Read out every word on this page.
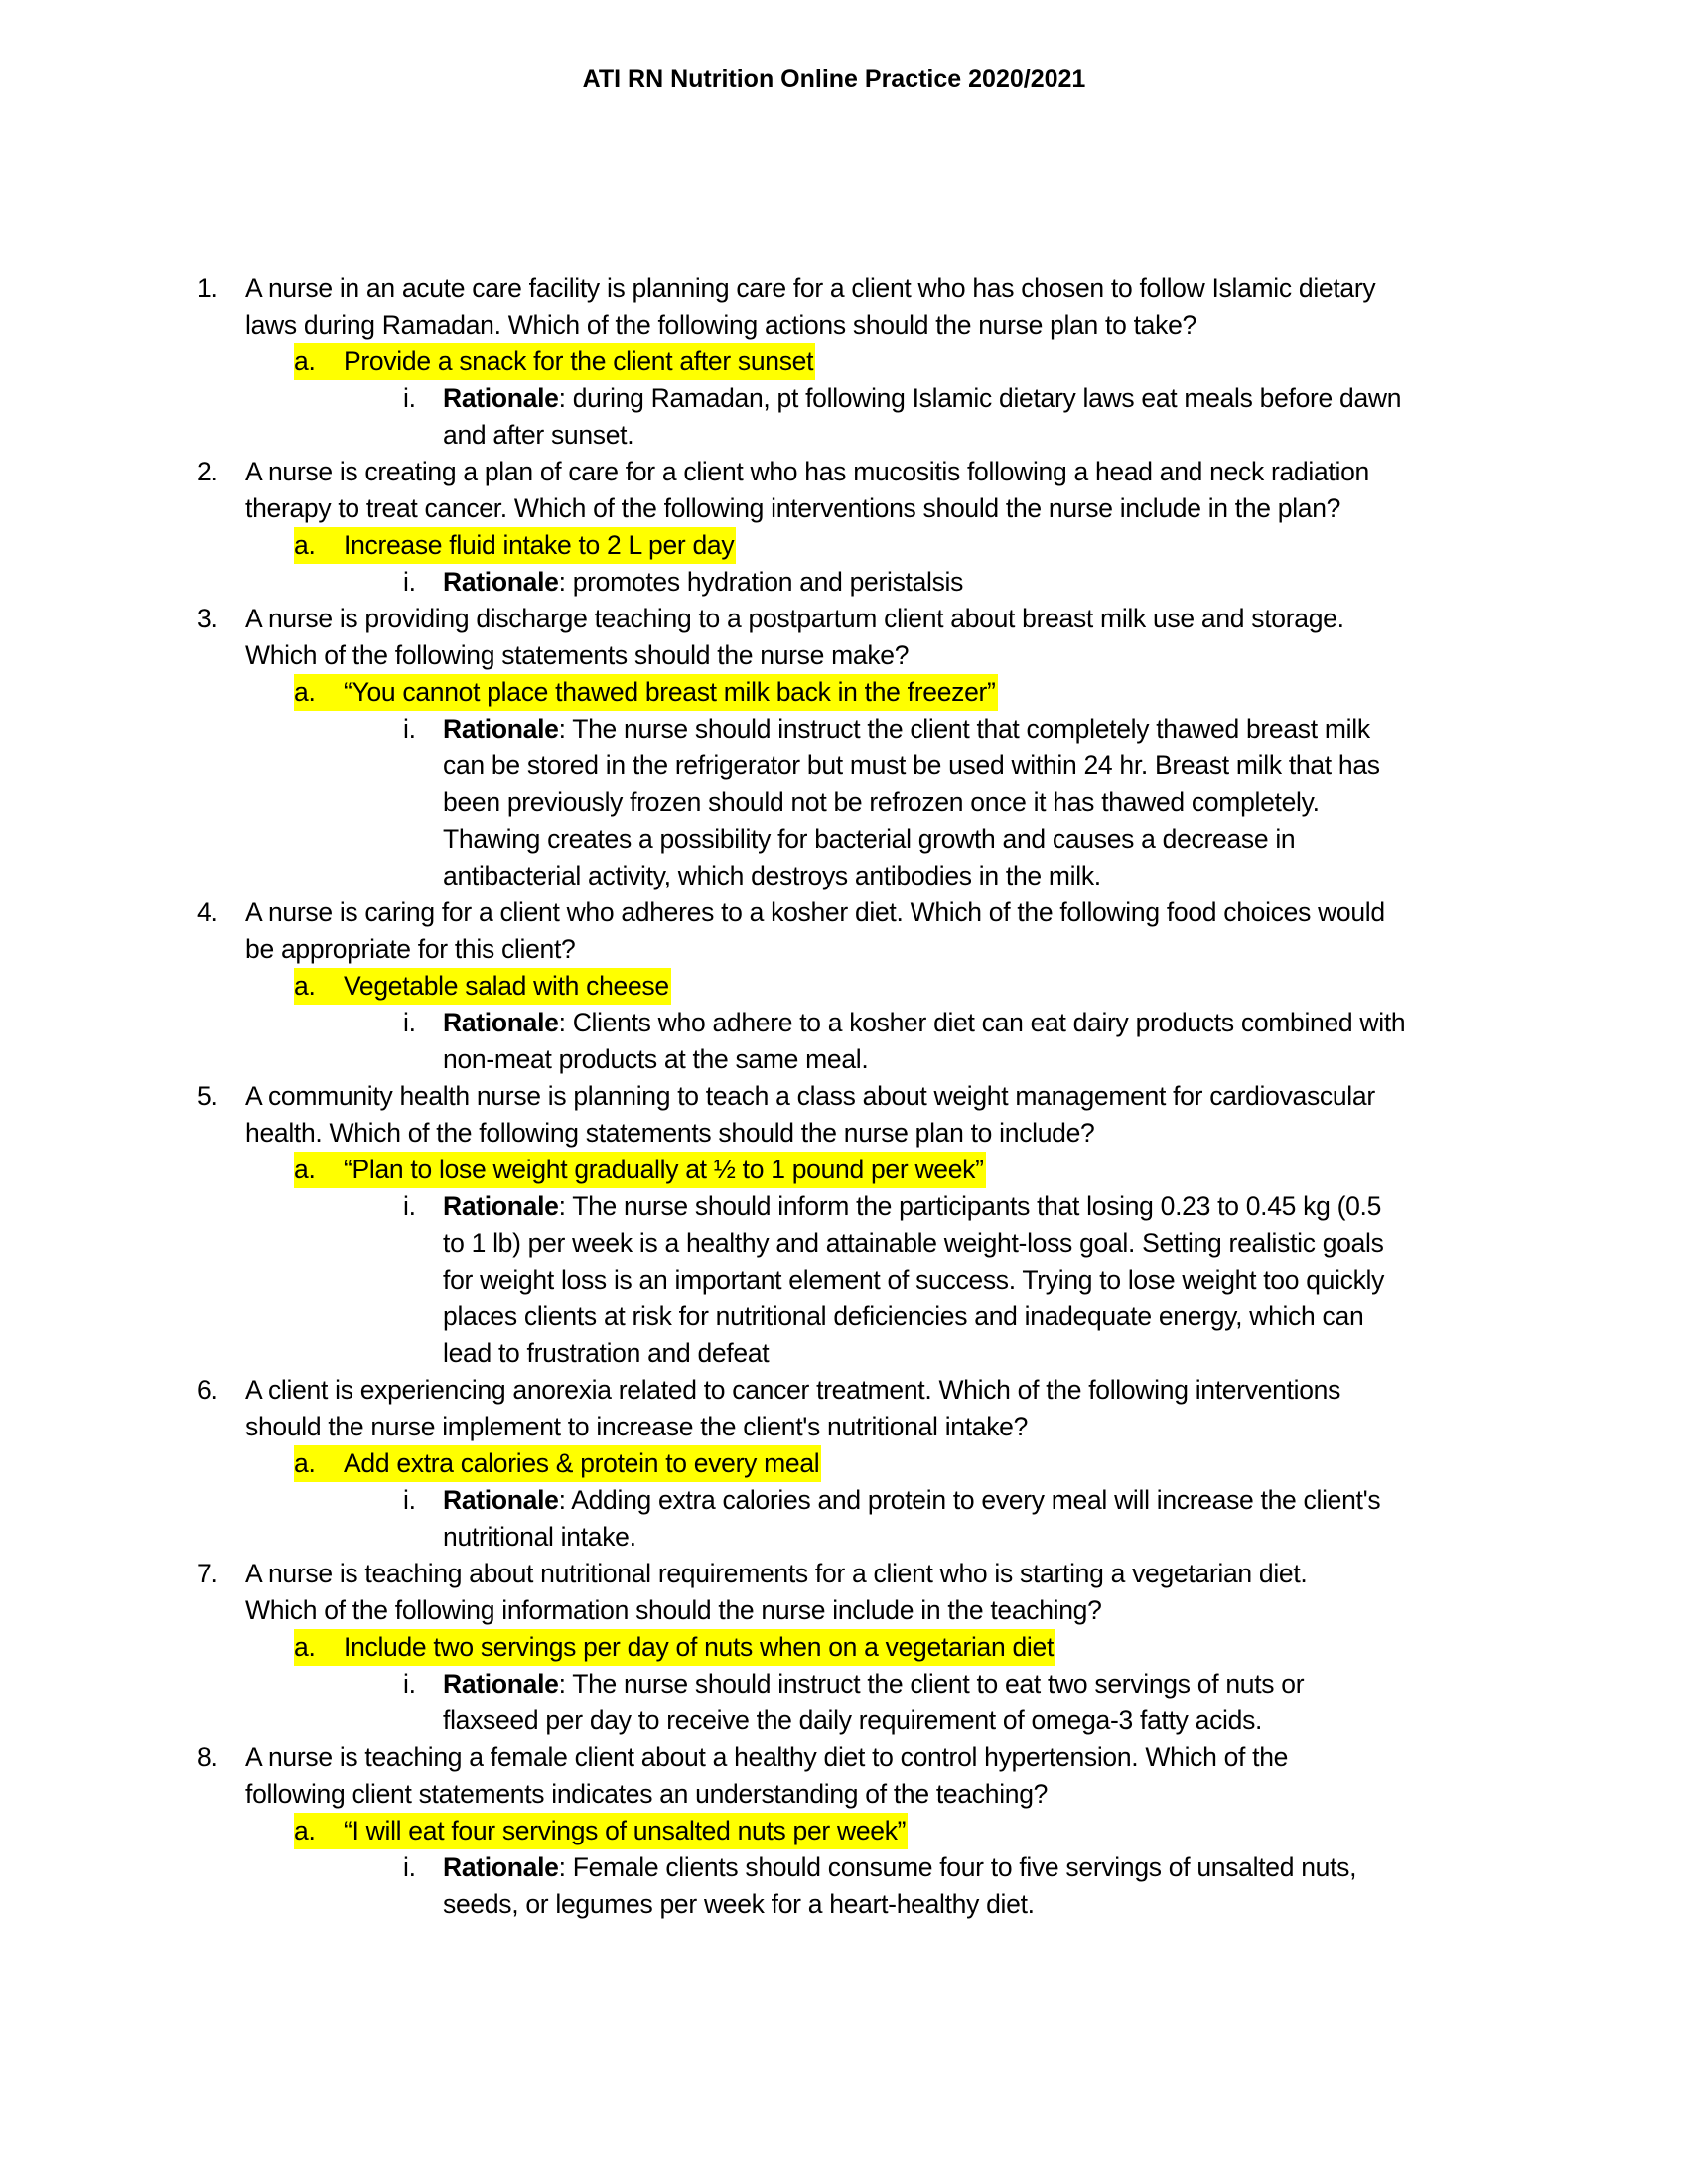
ATI RN Nutrition Online Practice 2020/2021
1. A nurse in an acute care facility is planning care for a client who has chosen to follow Islamic dietary
laws during Ramadan. Which of the following actions should the nurse plan to take?
a. Provide a snack for the client after sunset
i. Rationale: during Ramadan, pt following Islamic dietary laws eat meals before dawn
and after sunset.
2. A nurse is creating a plan of care for a client who has mucositis following a head and neck radiation
therapy to treat cancer. Which of the following interventions should the nurse include in the plan?
a. Increase fluid intake to 2 L per day
i. Rationale: promotes hydration and peristalsis
3. A nurse is providing discharge teaching to a postpartum client about breast milk use and storage.
Which of the following statements should the nurse make?
a. “You cannot place thawed breast milk back in the freezer”
i. Rationale: The nurse should instruct the client that completely thawed breast milk
can be stored in the refrigerator but must be used within 24 hr. Breast milk that has
been previously frozen should not be refrozen once it has thawed completely.
Thawing creates a possibility for bacterial growth and causes a decrease in
antibacterial activity, which destroys antibodies in the milk.
4. A nurse is caring for a client who adheres to a kosher diet. Which of the following food choices would
be appropriate for this client?
a. Vegetable salad with cheese
i. Rationale: Clients who adhere to a kosher diet can eat dairy products combined with
non-meat products at the same meal.
5. A community health nurse is planning to teach a class about weight management for cardiovascular
health. Which of the following statements should the nurse plan to include?
a. “Plan to lose weight gradually at ½ to 1 pound per week”
i. Rationale: The nurse should inform the participants that losing 0.23 to 0.45 kg (0.5
to 1 lb) per week is a healthy and attainable weight-loss goal. Setting realistic goals
for weight loss is an important element of success. Trying to lose weight too quickly
places clients at risk for nutritional deficiencies and inadequate energy, which can
lead to frustration and defeat
6. A client is experiencing anorexia related to cancer treatment. Which of the following interventions
should the nurse implement to increase the client's nutritional intake?
a. Add extra calories & protein to every meal
i. Rationale: Adding extra calories and protein to every meal will increase the client's
nutritional intake.
7. A nurse is teaching about nutritional requirements for a client who is starting a vegetarian diet.
Which of the following information should the nurse include in the teaching?
a. Include two servings per day of nuts when on a vegetarian diet
i. Rationale: The nurse should instruct the client to eat two servings of nuts or
flaxseed per day to receive the daily requirement of omega-3 fatty acids.
8. A nurse is teaching a female client about a healthy diet to control hypertension. Which of the
following client statements indicates an understanding of the teaching?
a. “I will eat four servings of unsalted nuts per week”
i. Rationale: Female clients should consume four to five servings of unsalted nuts,
seeds, or legumes per week for a heart-healthy diet.
